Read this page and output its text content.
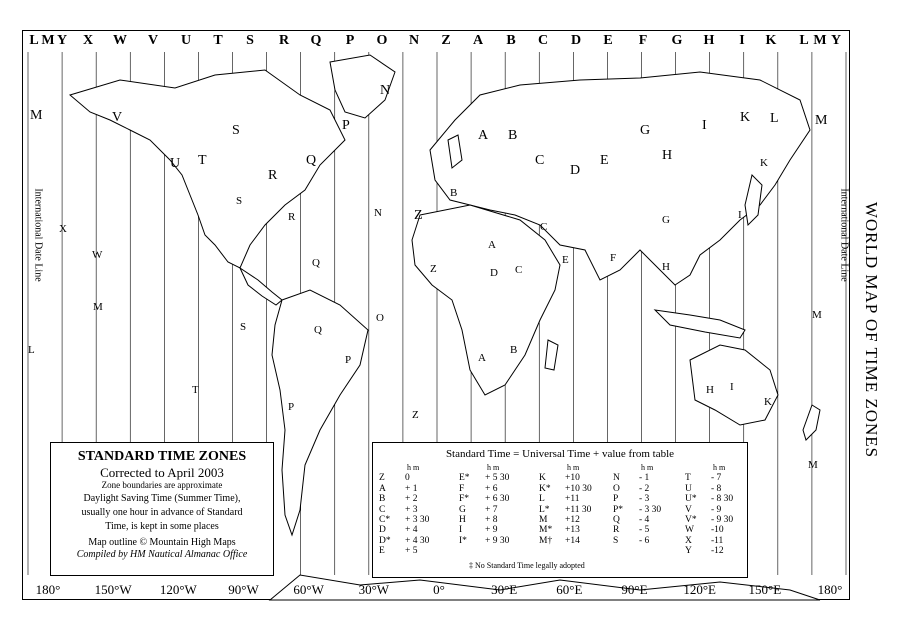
L M Y	X	W	V	U	T	S	R	Q	P	O	N	Z	A	B	C	D	E	F	G	H	I	K	L M Y
180°	150°W	120°W	90°W	60°W	30°W	0°	30°E	60°E	90°E	120°E	150°E	180°
M	V
U T
S
R
Q
P
N
Z
A B
C
D
E
G
H
I
K L	M
S
R
Q
P
O
X
W
M
L
A
B
C
E	F
G
H
I
K
M
Q
P
S
T
Z
N
Z
A
B
C
D
H I
K
M
International Date Line	International Date Line WORLD MAP OF TIME ZONES
STANDARD TIME ZONES
Corrected to April 2003
Zone boundaries are approximate
Daylight Saving Time (Summer Time),
usually one hour in advance of Standard
Time, is kept in some places
Map outline © Mountain High Maps
Compiled by HM Nautical Almanac Office
Standard Time = Universal Time + value from table
h m
Z	0
A	+ 1
B	+ 2
C	+ 3
C*	+ 3 30
D	+ 4
D*	+ 4 30
E	+ 5
h m
E*	+ 5 30
F	+ 6
F*	+ 6 30
G	+ 7
H	+ 8
I	+ 9
I*	+ 9 30
h m
K	+10
K*	+10 30
L	+11
L*	+11 30
M	+12
M*	+13
M†	+14
h m
N	- 1
O	- 2
P	- 3
P*	- 3 30
Q	- 4
R	- 5
S	- 6
h m
T	- 7
U	- 8
U*	- 8 30
V	- 9
V*	- 9 30
W	-10
X	-11
Y	-12
‡ No Standard Time legally adopted
